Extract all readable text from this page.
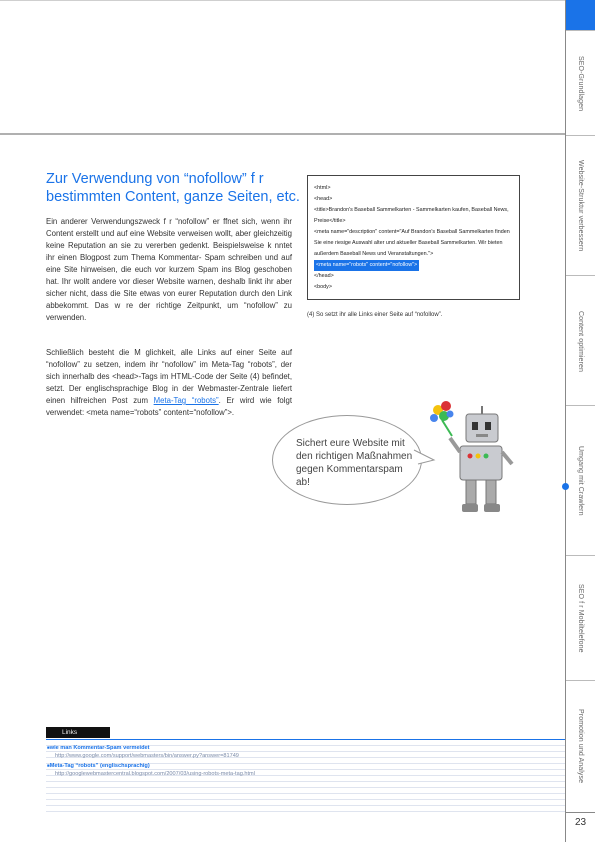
SEO-Grundlagen
Website-Struktur verbessern
Content optimieren
Umgang mit Crawlern
SEO f r Mobiltelefone
Promotion und Analyse
23
Zur Verwendung von “nofollow” f r bestimmten Content, ganze Seiten, etc.

Ein anderer Verwendungszweck f r “nofollow” er ffnet sich, wenn ihr Content erstellt und auf eine Website verweisen wollt, aber gleichzeitig keine Reputation an sie zu vererben gedenkt. Beispielsweise k nntet ihr einen Blogpost zum Thema Kommentar- Spam schreiben und auf eine Site hinweisen, die euch vor kurzem Spam ins Blog geschoben hat. Ihr wollt andere vor dieser Website warnen, deshalb linkt ihr aber sicher nicht, dass die Site etwas von eurer Reputation durch den Link abbekommt. Das w re der richtige Zeitpunkt, um “nofollow” zu verwenden.

Schließlich besteht die M glichkeit, alle Links auf einer Seite auf “nofollow” zu setzen, indem ihr “nofollow” im Meta-Tag “robots”, der sich innerhalb des <head>-Tags im HTML-Code der Seite (4) befindet, setzt. Der englischsprachige Blog in der Webmaster-Zentrale liefert einen hilfreichen Post zum Meta-Tag “robots”. Er wird wie folgt verwendet: <meta name=“robots” content=“nofollow”>.

<html>
<head>
<title>Brandon's Baseball Sammelkarten - Sammelkarten kaufen, Baseball News, Preise</title>
<meta name="description" content="Auf Brandon's Baseball Sammelkarten finden Sie eine riesige Auswahl alter und aktueller Baseball Sammelkarten. Wir bieten außerdem Baseball News und Veranstaltungen.">
<meta name="robots" content="nofollow">
</head>
<body>
(4) So setzt ihr alle Links einer Seite auf “nofollow”.
Sichert eure Website mit den richtigen Maßnahmen gegen Kommentarspam ab!
Links
■ wie man Kommentar-Spam vermeidet
http://www.google.com/support/webmasters/bin/answer.py?answer=81749
■ Meta-Tag “robots” (englischsprachig)
http://googlewebmastercentral.blogspot.com/2007/03/using-robots-meta-tag.html
